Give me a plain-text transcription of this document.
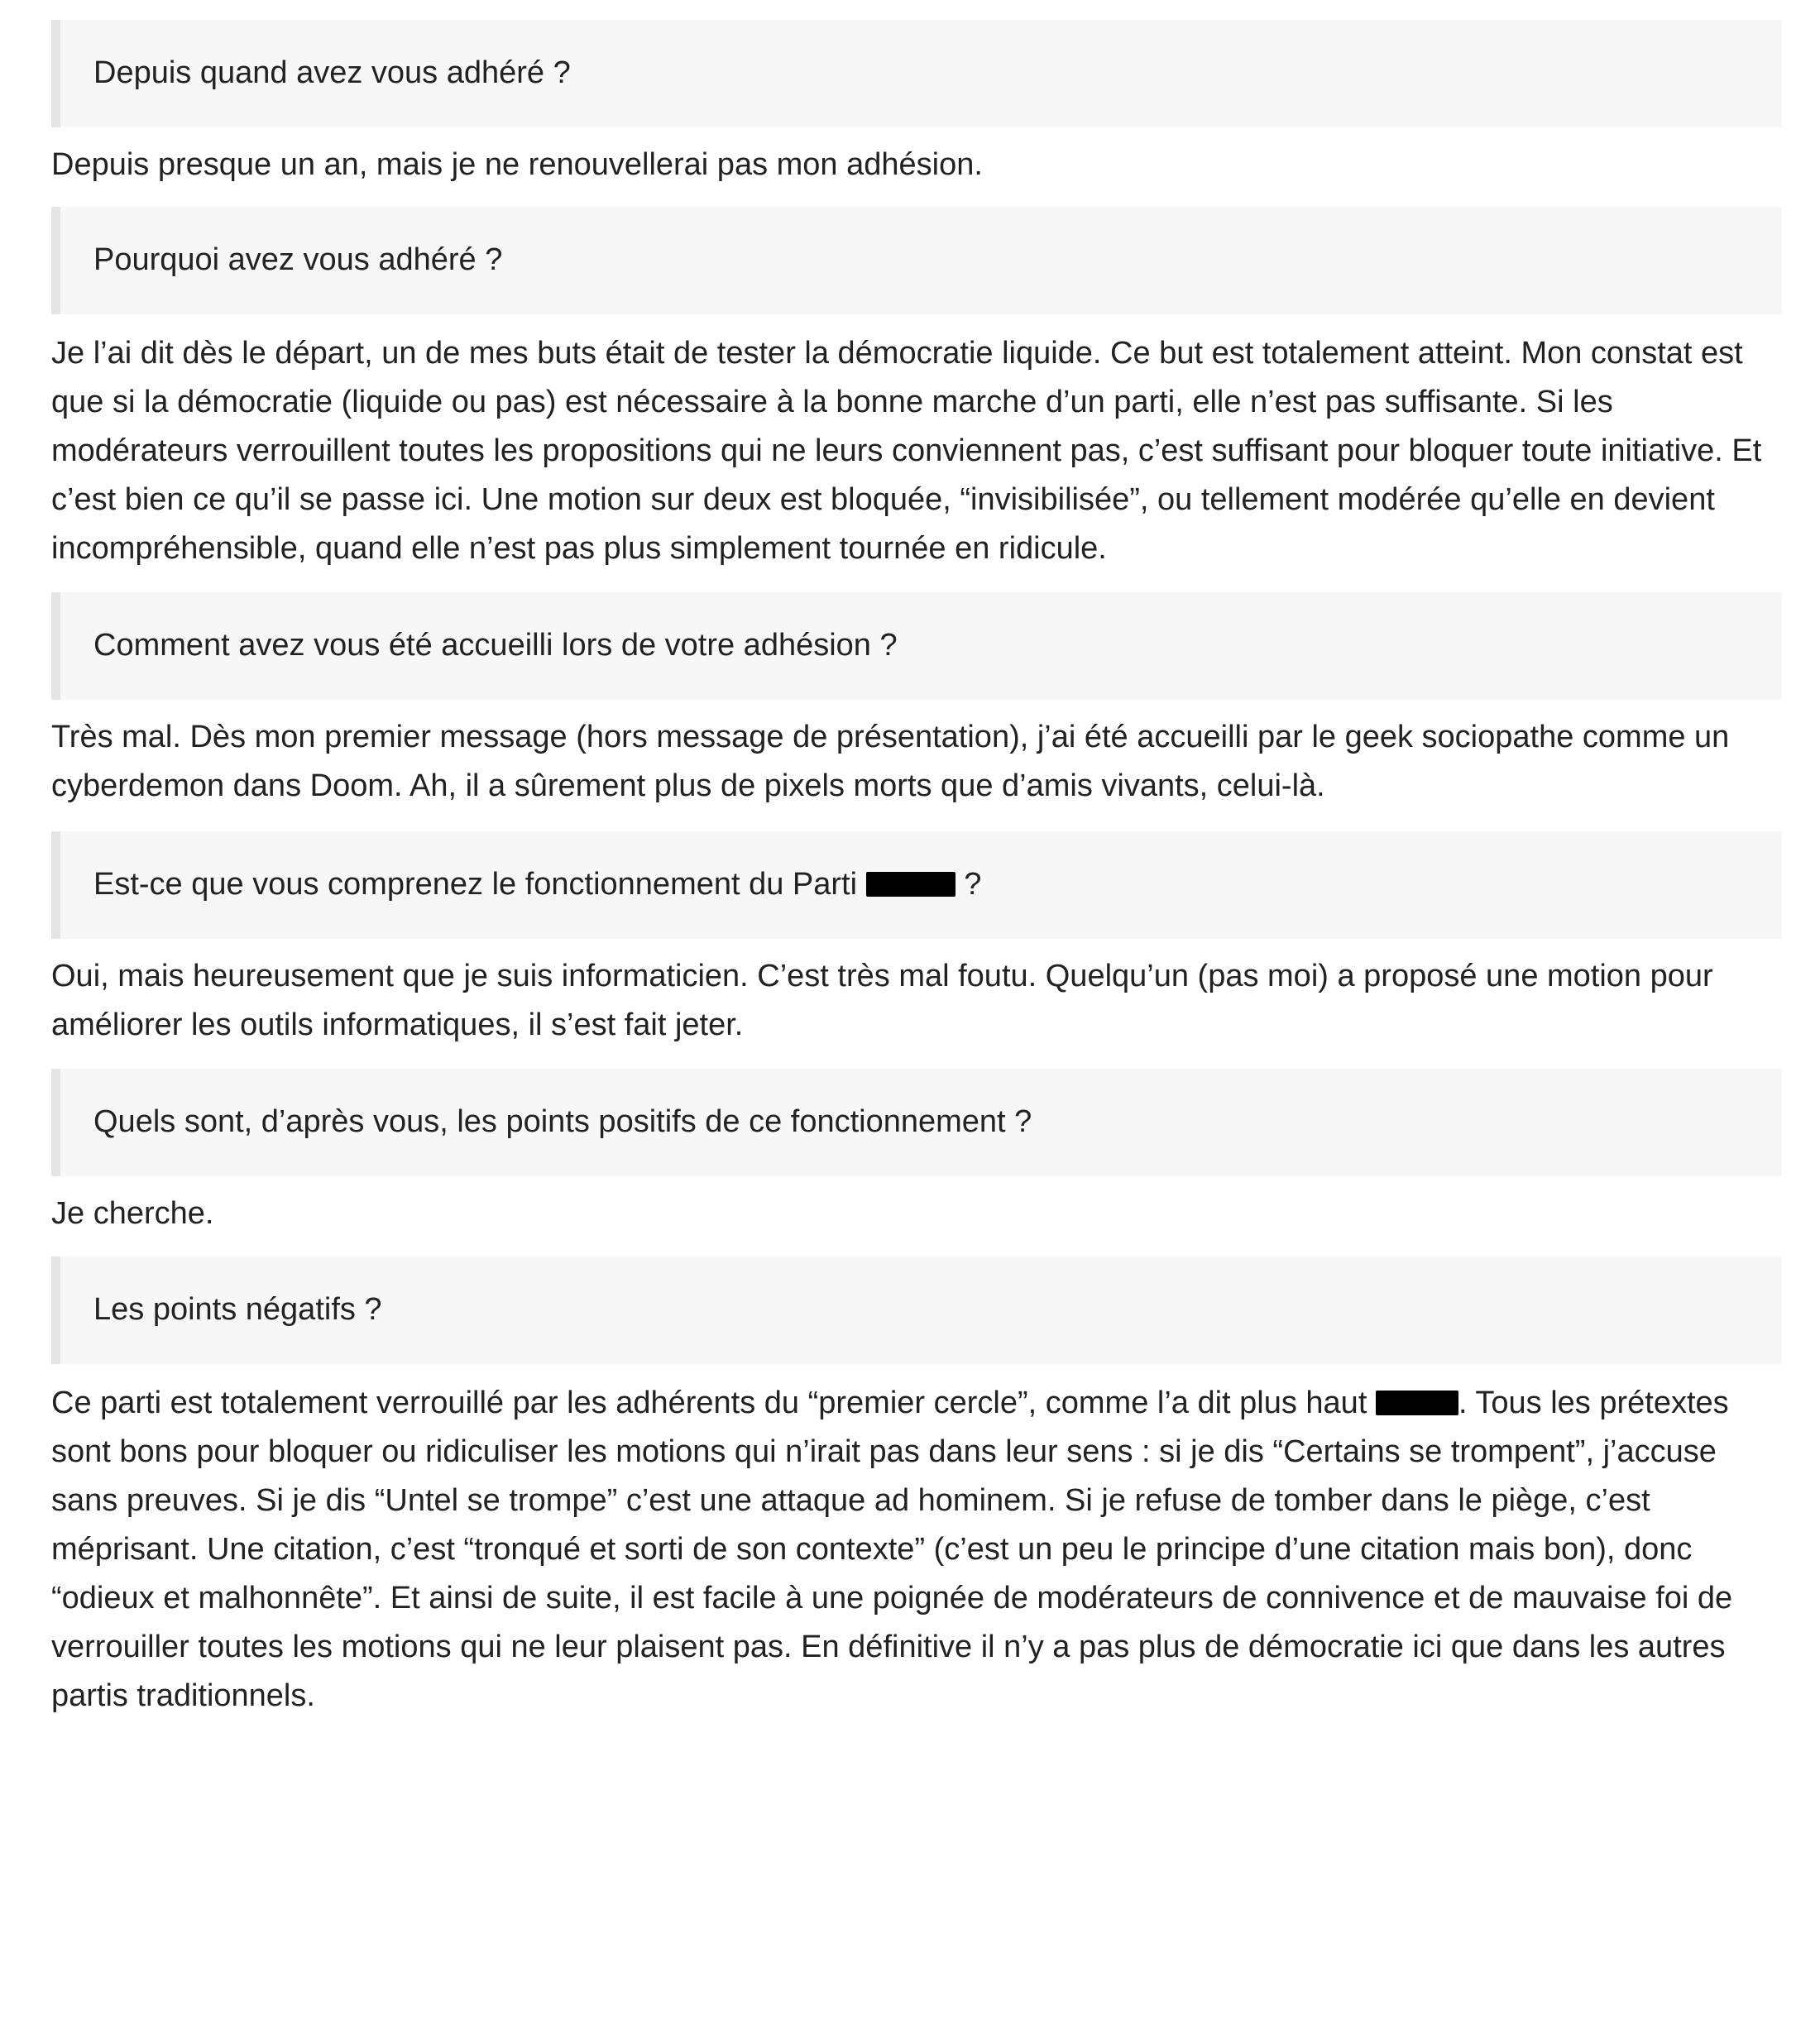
Depuis quand avez vous adhéré ?

Depuis presque un an, mais je ne renouvellerai pas mon adhésion.

Pourquoi avez vous adhéré ?

Je l’ai dit dès le départ, un de mes buts était de tester la démocratie liquide. Ce but est totalement atteint. Mon constat est que si la démocratie (liquide ou pas) est nécessaire à la bonne marche d’un parti, elle n’est pas suffisante. Si les modérateurs verrouillent toutes les propositions qui ne leurs conviennent pas, c’est suffisant pour bloquer toute initiative. Et c’est bien ce qu’il se passe ici. Une motion sur deux est bloquée, “invisibilisée”, ou tellement modérée qu’elle en devient incompréhensible, quand elle n’est pas plus simplement tournée en ridicule.

Comment avez vous été accueilli lors de votre adhésion ?

Très mal. Dès mon premier message (hors message de présentation), j’ai été accueilli par le geek sociopathe comme un cyberdemon dans Doom. Ah, il a sûrement plus de pixels morts que d’amis vivants, celui-là.

Est-ce que vous comprenez le fonctionnement du Parti	?

Oui, mais heureusement que je suis informaticien. C’est très mal foutu. Quelqu’un (pas moi) a proposé une motion pour améliorer les outils informatiques, il s’est fait jeter.

Quels sont, d’après vous, les points positifs de ce fonctionnement ?

Je cherche.

Les points négatifs ?

Ce parti est totalement verrouillé par les adhérents du “premier cercle”, comme l’a dit plus haut	. Tous les prétextes sont bons pour bloquer ou ridiculiser les motions qui n’irait pas dans leur sens : si je dis “Certains se trompent”, j’accuse sans preuves. Si je dis “Untel se trompe” c’est une attaque ad hominem. Si je refuse de tomber dans le piège, c’est méprisant. Une citation, c’est “tronqué et sorti de son contexte” (c’est un peu le principe d’une citation mais bon), donc “odieux et malhonnête”. Et ainsi de suite, il est facile à une poignée de modérateurs de connivence et de mauvaise foi de verrouiller toutes les motions qui ne leur plaisent pas. En définitive il n’y a pas plus de démocratie ici que dans les autres partis traditionnels.
